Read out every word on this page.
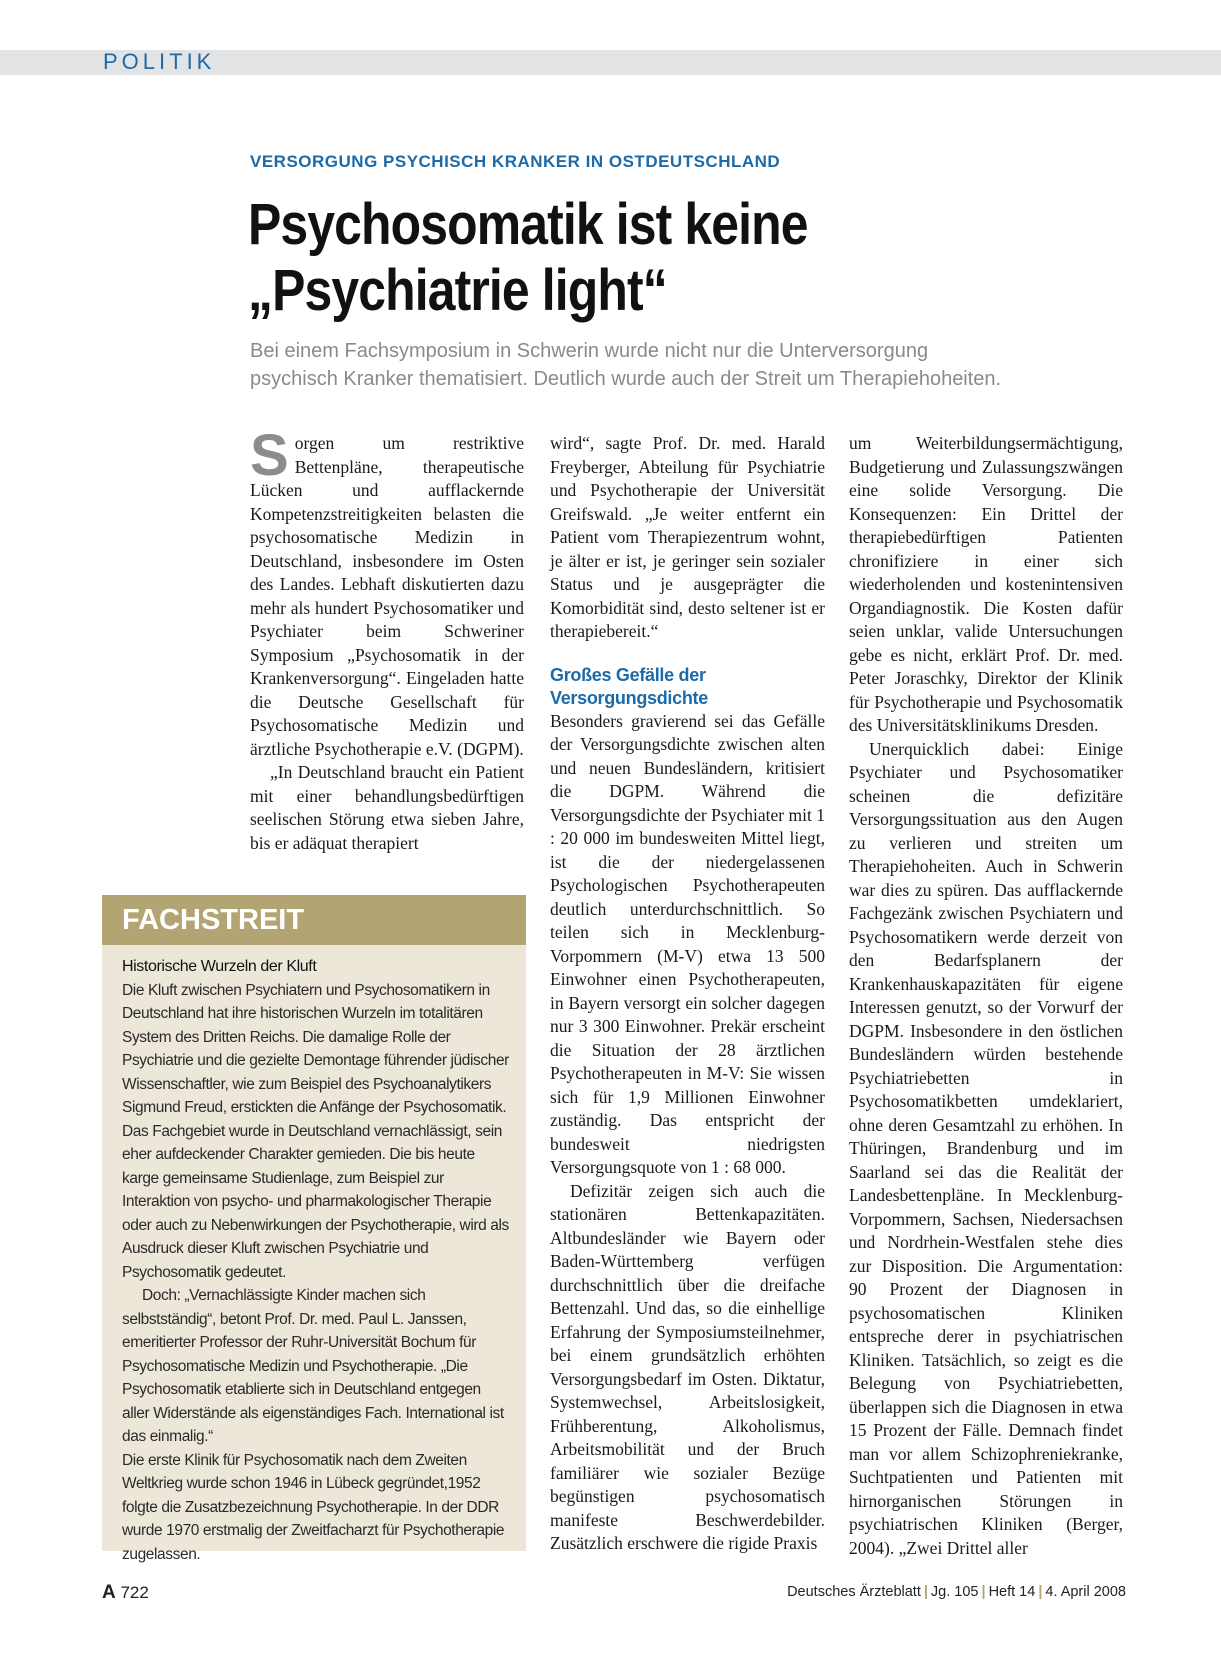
POLITIK
VERSORGUNG PSYCHISCH KRANKER IN OSTDEUTSCHLAND
Psychosomatik ist keine
„Psychiatrie light“
Bei einem Fachsymposium in Schwerin wurde nicht nur die Unterversorgung
psychisch Kranker thematisiert. Deutlich wurde auch der Streit um Therapiehoheiten.

Sorgen um restriktive Bettenpläne, therapeutische Lücken und aufflackernde Kompetenzstreitigkeiten belasten die psychosomatische Medizin in Deutschland, insbesondere im Osten des Landes. Lebhaft diskutierten dazu mehr als hundert Psychosomatiker und Psychiater beim Schweriner Symposium „Psychosomatik in der Krankenversorgung“. Eingeladen hatte die Deutsche Gesellschaft für Psychosomatische Medizin und ärztliche Psychotherapie e.V. (DGPM).

„In Deutschland braucht ein Patient mit einer behandlungsbedürftigen seelischen Störung etwa sieben Jahre, bis er adäquat therapiert

wird“, sagte Prof. Dr. med. Harald Freyberger, Abteilung für Psychiatrie und Psychotherapie der Universität Greifswald. „Je weiter entfernt ein Patient vom Therapiezentrum wohnt, je älter er ist, je geringer sein sozialer Status und je ausgeprägter die Komorbidität sind, desto seltener ist er therapiebereit.“

Großes Gefälle der Versorgungsdichte

Besonders gravierend sei das Gefälle der Versorgungsdichte zwischen alten und neuen Bundesländern, kritisiert die DGPM. Während die Versorgungsdichte der Psychiater mit 1 : 20 000 im bundesweiten Mittel liegt, ist die der niedergelassenen Psychologischen Psychotherapeuten deutlich unterdurchschnittlich. So teilen sich in Mecklenburg-Vorpommern (M-V) etwa 13 500 Einwohner einen Psychotherapeuten, in Bayern versorgt ein solcher dagegen nur 3 300 Einwohner. Prekär erscheint die Situation der 28 ärztlichen Psychotherapeuten in M-V: Sie wissen sich für 1,9 Millionen Einwohner zuständig. Das entspricht der bundesweit niedrigsten Versorgungsquote von 1 : 68 000.

Defizitär zeigen sich auch die stationären Bettenkapazitäten. Altbundesländer wie Bayern oder Baden-Württemberg verfügen durchschnittlich über die dreifache Bettenzahl. Und das, so die einhellige Erfahrung der Symposiumsteilnehmer, bei einem grundsätzlich erhöhten Versorgungsbedarf im Osten. Diktatur, Systemwechsel, Arbeitslosigkeit, Frühberentung, Alkoholismus, Arbeitsmobilität und der Bruch familiärer wie sozialer Bezüge begünstigen psychosomatisch manifeste Beschwerdebilder. Zusätzlich erschwere die rigide Praxis

um Weiterbildungsermächtigung, Budgetierung und Zulassungszwängen eine solide Versorgung. Die Konsequenzen: Ein Drittel der therapiebedürftigen Patienten chronifiziere in einer sich wiederholenden und kostenintensiven Organdiagnostik. Die Kosten dafür seien unklar, valide Untersuchungen gebe es nicht, erklärt Prof. Dr. med. Peter Joraschky, Direktor der Klinik für Psychotherapie und Psychosomatik des Universitätsklinikums Dresden.

Unerquicklich dabei: Einige Psychiater und Psychosomatiker scheinen die defizitäre Versorgungssituation aus den Augen zu verlieren und streiten um Therapiehoheiten. Auch in Schwerin war dies zu spüren. Das aufflackernde Fachgezänk zwischen Psychiatern und Psychosomatikern werde derzeit von den Bedarfsplanern der Krankenhauskapazitäten für eigene Interessen genutzt, so der Vorwurf der DGPM. Insbesondere in den östlichen Bundesländern würden bestehende Psychiatriebetten in Psychosomatikbetten umdeklariert, ohne deren Gesamtzahl zu erhöhen. In Thüringen, Brandenburg und im Saarland sei das die Realität der Landesbettenpläne. In Mecklenburg-Vorpommern, Sachsen, Niedersachsen und Nordrhein-Westfalen stehe dies zur Disposition. Die Argumentation: 90 Prozent der Diagnosen in psychosomatischen Kliniken entspreche derer in psychiatrischen Kliniken. Tatsächlich, so zeigt es die Belegung von Psychiatriebetten, überlappen sich die Diagnosen in etwa 15 Prozent der Fälle. Demnach findet man vor allem Schizophreniekranke, Suchtpatienten und Patienten mit hirnorganischen Störungen in psychiatrischen Kliniken (Berger, 2004). „Zwei Drittel aller

FACHSTREIT

Historische Wurzeln der Kluft

Die Kluft zwischen Psychiatern und Psychosomatikern in Deutschland hat ihre historischen Wurzeln im totalitären System des Dritten Reichs. Die damalige Rolle der Psychiatrie und die gezielte Demontage führender jüdischer Wissenschaftler, wie zum Beispiel des Psychoanalytikers Sigmund Freud, erstickten die Anfänge der Psychosomatik. Das Fachgebiet wurde in Deutschland vernachlässigt, sein eher aufdeckender Charakter gemieden. Die bis heute karge gemeinsame Studienlage, zum Beispiel zur Interaktion von psycho- und pharmakologischer Therapie oder auch zu Nebenwirkungen der Psychotherapie, wird als Ausdruck dieser Kluft zwischen Psychiatrie und Psychosomatik gedeutet.

Doch: „Vernachlässigte Kinder machen sich selbstständig“, betont Prof. Dr. med. Paul L. Janssen, emeritierter Professor der Ruhr-Universität Bochum für Psychosomatische Medizin und Psychotherapie. „Die Psychosomatik etablierte sich in Deutschland entgegen aller Widerstände als eigenständiges Fach. International ist das einmalig.“

Die erste Klinik für Psychosomatik nach dem Zweiten Weltkrieg wurde schon 1946 in Lübeck gegründet,1952 folgte die Zusatzbezeichnung Psychotherapie. In der DDR wurde 1970 erstmalig der Zweitfacharzt für Psychotherapie zugelassen.

A 722	Deutsches Ärzteblatt | Jg. 105 | Heft 14 | 4. April 2008
